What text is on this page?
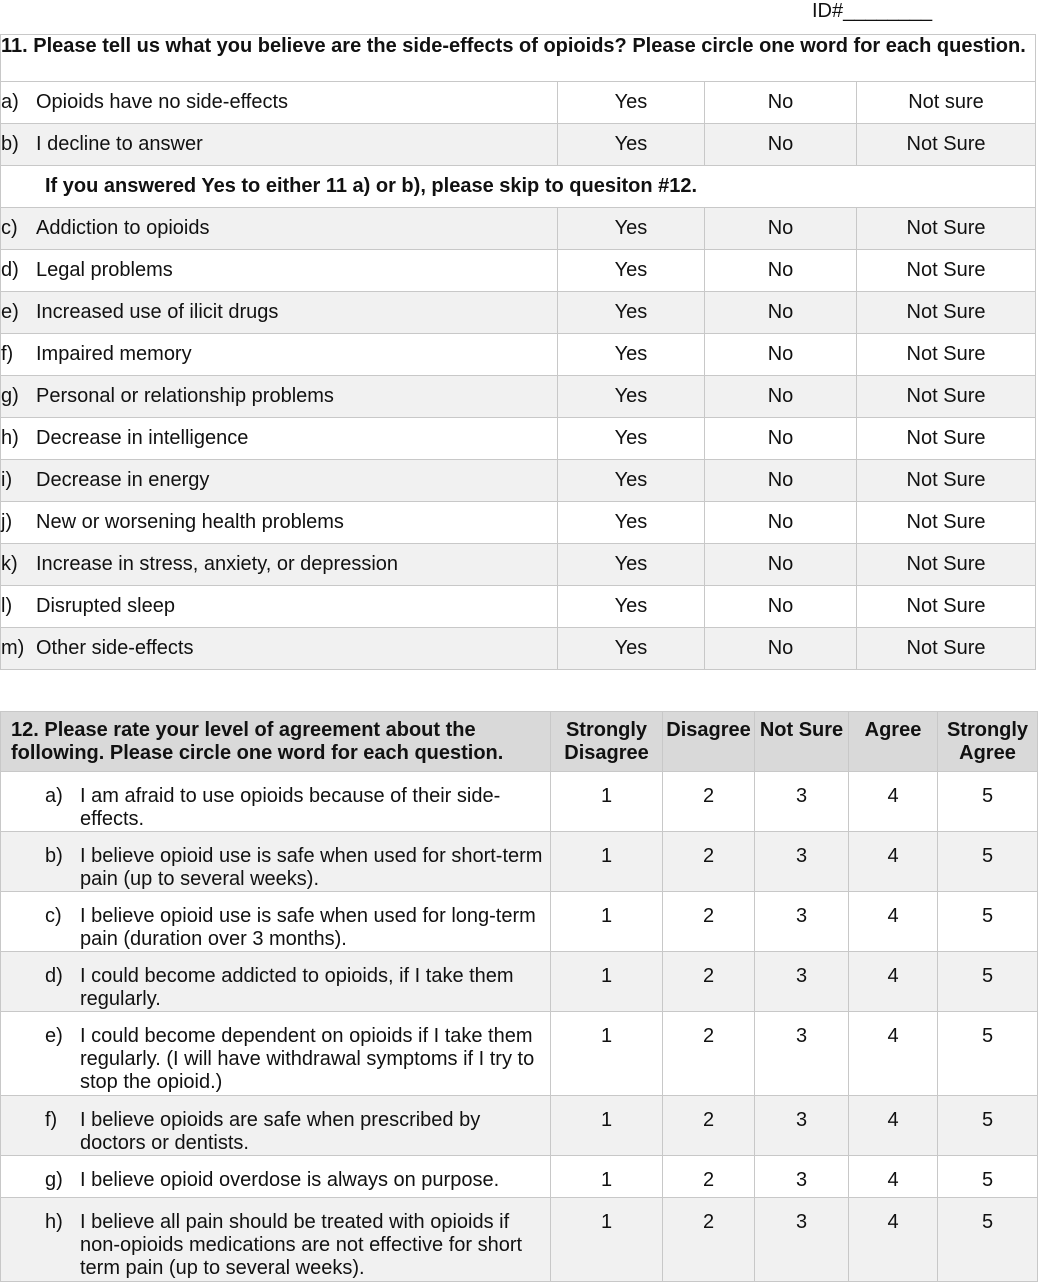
ID#________
11. Please tell us what you believe are the side-effects of opioids? Please circle one word for each question.			
a) Opioids have no side-effects	Yes	No	Not sure
b) I decline to answer	Yes	No	Not Sure
If you answered Yes to either 11 a) or b), please skip to quesiton #12.			
c) Addiction to opioids	Yes	No	Not Sure
d) Legal problems	Yes	No	Not Sure
e) Increased use of ilicit drugs	Yes	No	Not Sure
f) Impaired memory	Yes	No	Not Sure
g) Personal or relationship problems	Yes	No	Not Sure
h) Decrease in intelligence	Yes	No	Not Sure
i) Decrease in energy	Yes	No	Not Sure
j) New or worsening health problems	Yes	No	Not Sure
k) Increase in stress, anxiety, or depression	Yes	No	Not Sure
l) Disrupted sleep	Yes	No	Not Sure
m) Other side-effects	Yes	No	Not Sure
12. Please rate your level of agreement about the following. Please circle one word for each question.	Strongly Disagree	Disagree	Not Sure	Agree	Strongly Agree

a) I am afraid to use opioids because of their side-effects.	1	2	3	4	5

b) I believe opioid use is safe when used for short-term pain (up to several weeks).	1	2	3	4	5

c) I believe opioid use is safe when used for long-term pain (duration over 3 months).	1	2	3	4	5

d) I could become addicted to opioids, if I take them regularly.	1	2	3	4	5

e) I could become dependent on opioids if I take them regularly. (I will have withdrawal symptoms if I try to stop the opioid.)	1	2	3	4	5

f) I believe opioids are safe when prescribed by doctors or dentists.	1	2	3	4	5

g) I believe opioid overdose is always on purpose.	1	2	3	4	5

h) I believe all pain should be treated with opioids if non-opioids medications are not effective for short term pain (up to several weeks).	1	2	3	4	5
